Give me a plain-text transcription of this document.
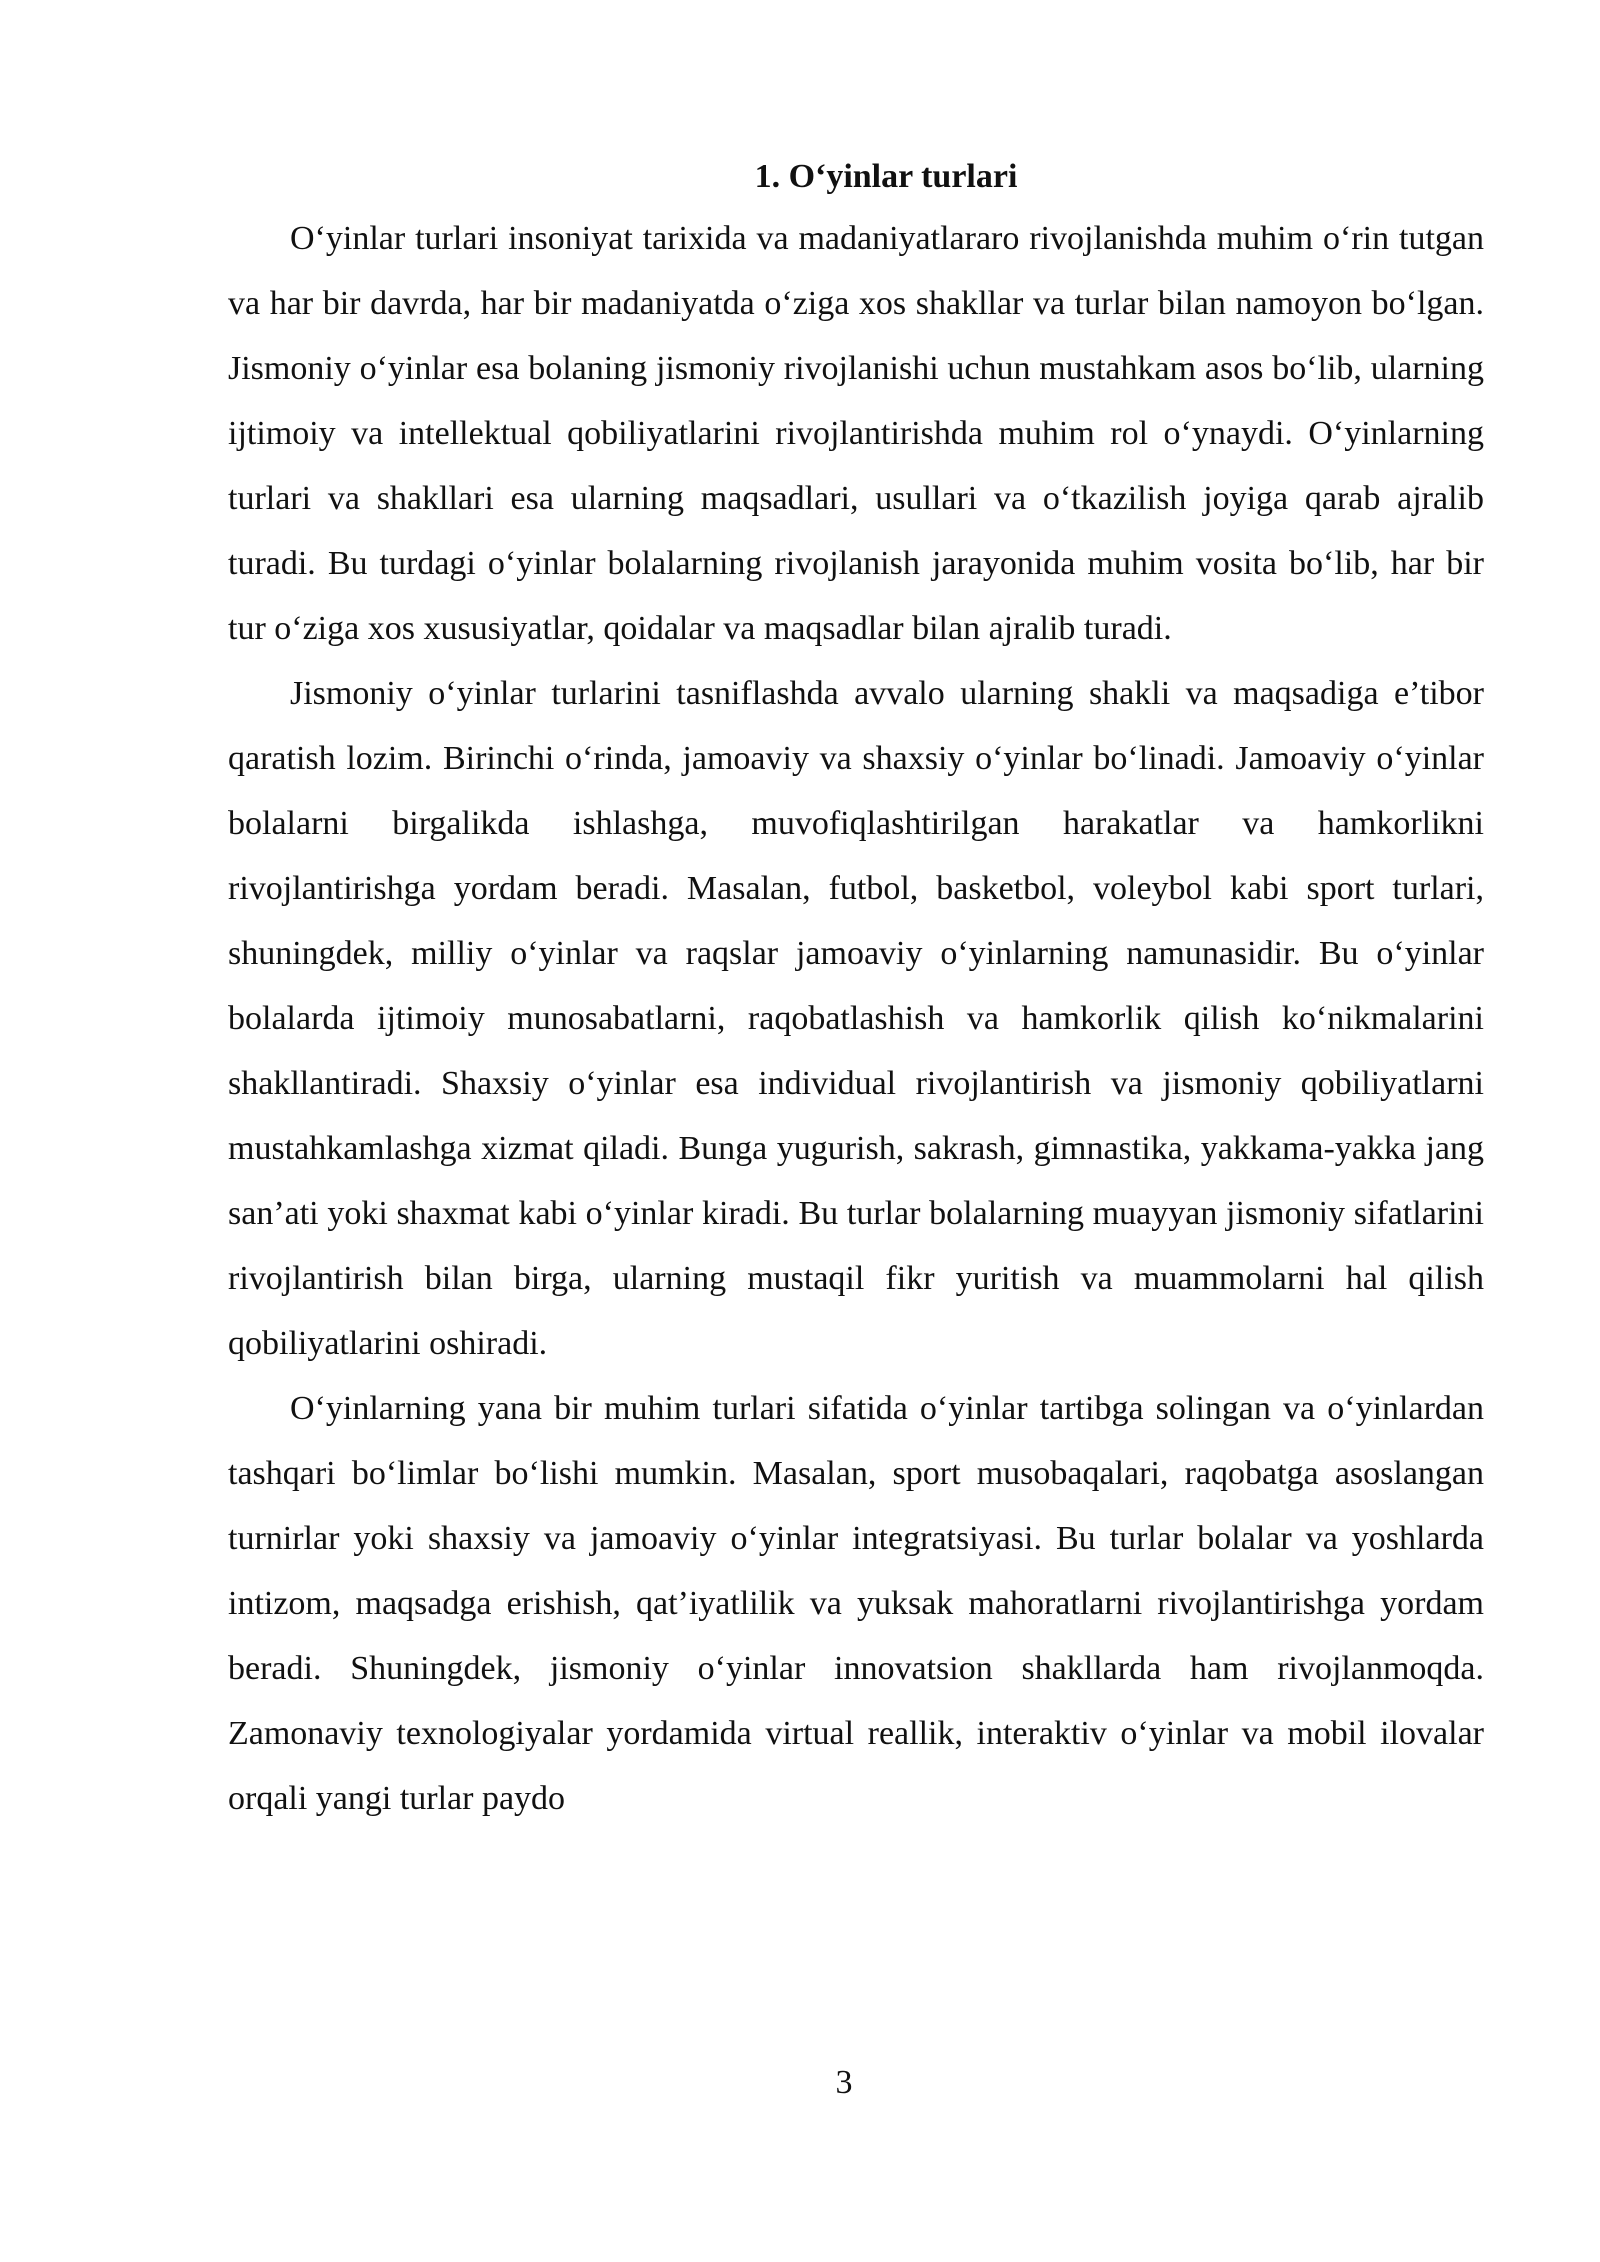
1. O‘yinlar turlari

O‘yinlar turlari insoniyat tarixida va madaniyatlararo rivojlanishda muhim o‘rin tutgan va har bir davrda, har bir madaniyatda o‘ziga xos shakllar va turlar bilan namoyon bo‘lgan. Jismoniy o‘yinlar esa bolaning jismoniy rivojlanishi uchun mustahkam asos bo‘lib, ularning ijtimoiy va intellektual qobiliyatlarini rivojlantirishda muhim rol o‘ynaydi. O‘yinlarning turlari va shakllari esa ularning maqsadlari, usullari va o‘tkazilish joyiga qarab ajralib turadi. Bu turdagi o‘yinlar bolalarning rivojlanish jarayonida muhim vosita bo‘lib, har bir tur o‘ziga xos xususiyatlar, qoidalar va maqsadlar bilan ajralib turadi.

Jismoniy o‘yinlar turlarini tasniflashda avvalo ularning shakli va maqsadiga e’tibor qaratish lozim. Birinchi o‘rinda, jamoaviy va shaxsiy o‘yinlar bo‘linadi. Jamoaviy o‘yinlar bolalarni birgalikda ishlashga, muvofiqlashtirilgan harakatlar va hamkorlikni rivojlantirishga yordam beradi. Masalan, futbol, basketbol, voleybol kabi sport turlari, shuningdek, milliy o‘yinlar va raqslar jamoaviy o‘yinlarning namunasidir. Bu o‘yinlar bolalarda ijtimoiy munosabatlarni, raqobatlashish va hamkorlik qilish ko‘nikmalarini shakllantiradi. Shaxsiy o‘yinlar esa individual rivojlantirish va jismoniy qobiliyatlarni mustahkamlashga xizmat qiladi. Bunga yugurish, sakrash, gimnastika, yakkama-yakka jang san’ati yoki shaxmat kabi o‘yinlar kiradi. Bu turlar bolalarning muayyan jismoniy sifatlarini rivojlantirish bilan birga, ularning mustaqil fikr yuritish va muammolarni hal qilish qobiliyatlarini oshiradi.

O‘yinlarning yana bir muhim turlari sifatida o‘yinlar tartibga solingan va o‘yinlardan tashqari bo‘limlar bo‘lishi mumkin. Masalan, sport musobaqalari, raqobatga asoslangan turnirlar yoki shaxsiy va jamoaviy o‘yinlar integratsiyasi. Bu turlar bolalar va yoshlarda intizom, maqsadga erishish, qat’iyatlilik va yuksak mahoratlarni rivojlantirishga yordam beradi. Shuningdek, jismoniy o‘yinlar innovatsion shakllarda ham rivojlanmoqda. Zamonaviy texnologiyalar yordamida virtual reallik, interaktiv o‘yinlar va mobil ilovalar orqali yangi turlar paydo

3
